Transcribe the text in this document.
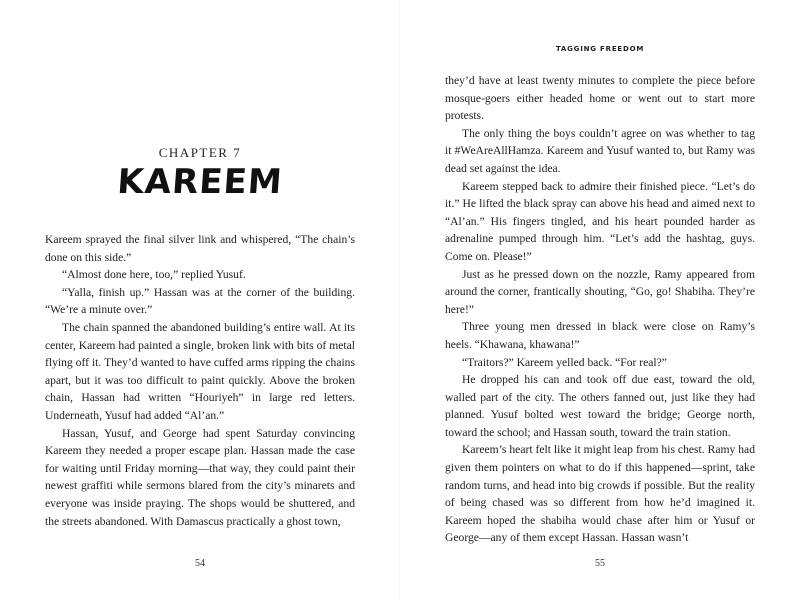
TAGGING FREEDOM
CHAPTER 7
KAREEM

Kareem sprayed the final silver link and whispered, “The chain’s done on this side.”

“Almost done here, too,” replied Yusuf.

“Yalla, finish up.” Hassan was at the corner of the building. “We’re a minute over.”

The chain spanned the abandoned building’s entire wall. At its center, Kareem had painted a single, broken link with bits of metal flying off it. They’d wanted to have cuffed arms ripping the chains apart, but it was too difficult to paint quickly. Above the broken chain, Hassan had written “Houriyeh” in large red letters. Underneath, Yusuf had added “Al’an.”

Hassan, Yusuf, and George had spent Saturday convincing Kareem they needed a proper escape plan. Hassan made the case for waiting until Friday morning—that way, they could paint their newest graffiti while sermons blared from the city’s minarets and everyone was inside praying. The shops would be shuttered, and the streets abandoned. With Damascus practically a ghost town,

they’d have at least twenty minutes to complete the piece before mosque-goers either headed home or went out to start more protests.

The only thing the boys couldn’t agree on was whether to tag it #WeAreAllHamza. Kareem and Yusuf wanted to, but Ramy was dead set against the idea.

Kareem stepped back to admire their finished piece. “Let’s do it.” He lifted the black spray can above his head and aimed next to “Al’an.” His fingers tingled, and his heart pounded harder as adrenaline pumped through him. “Let’s add the hashtag, guys. Come on. Please!”

Just as he pressed down on the nozzle, Ramy appeared from around the corner, frantically shouting, “Go, go! Shabiha. They’re here!”

Three young men dressed in black were close on Ramy’s heels. “Khawana, khawana!”

“Traitors?” Kareem yelled back. “For real?”

He dropped his can and took off due east, toward the old, walled part of the city. The others fanned out, just like they had planned. Yusuf bolted west toward the bridge; George north, toward the school; and Hassan south, toward the train station.

Kareem’s heart felt like it might leap from his chest. Ramy had given them pointers on what to do if this happened—sprint, take random turns, and head into big crowds if possible. But the reality of being chased was so different from how he’d imagined it. Kareem hoped the shabiha would chase after him or Yusuf or George—any of them except Hassan. Hassan wasn’t

54	55
